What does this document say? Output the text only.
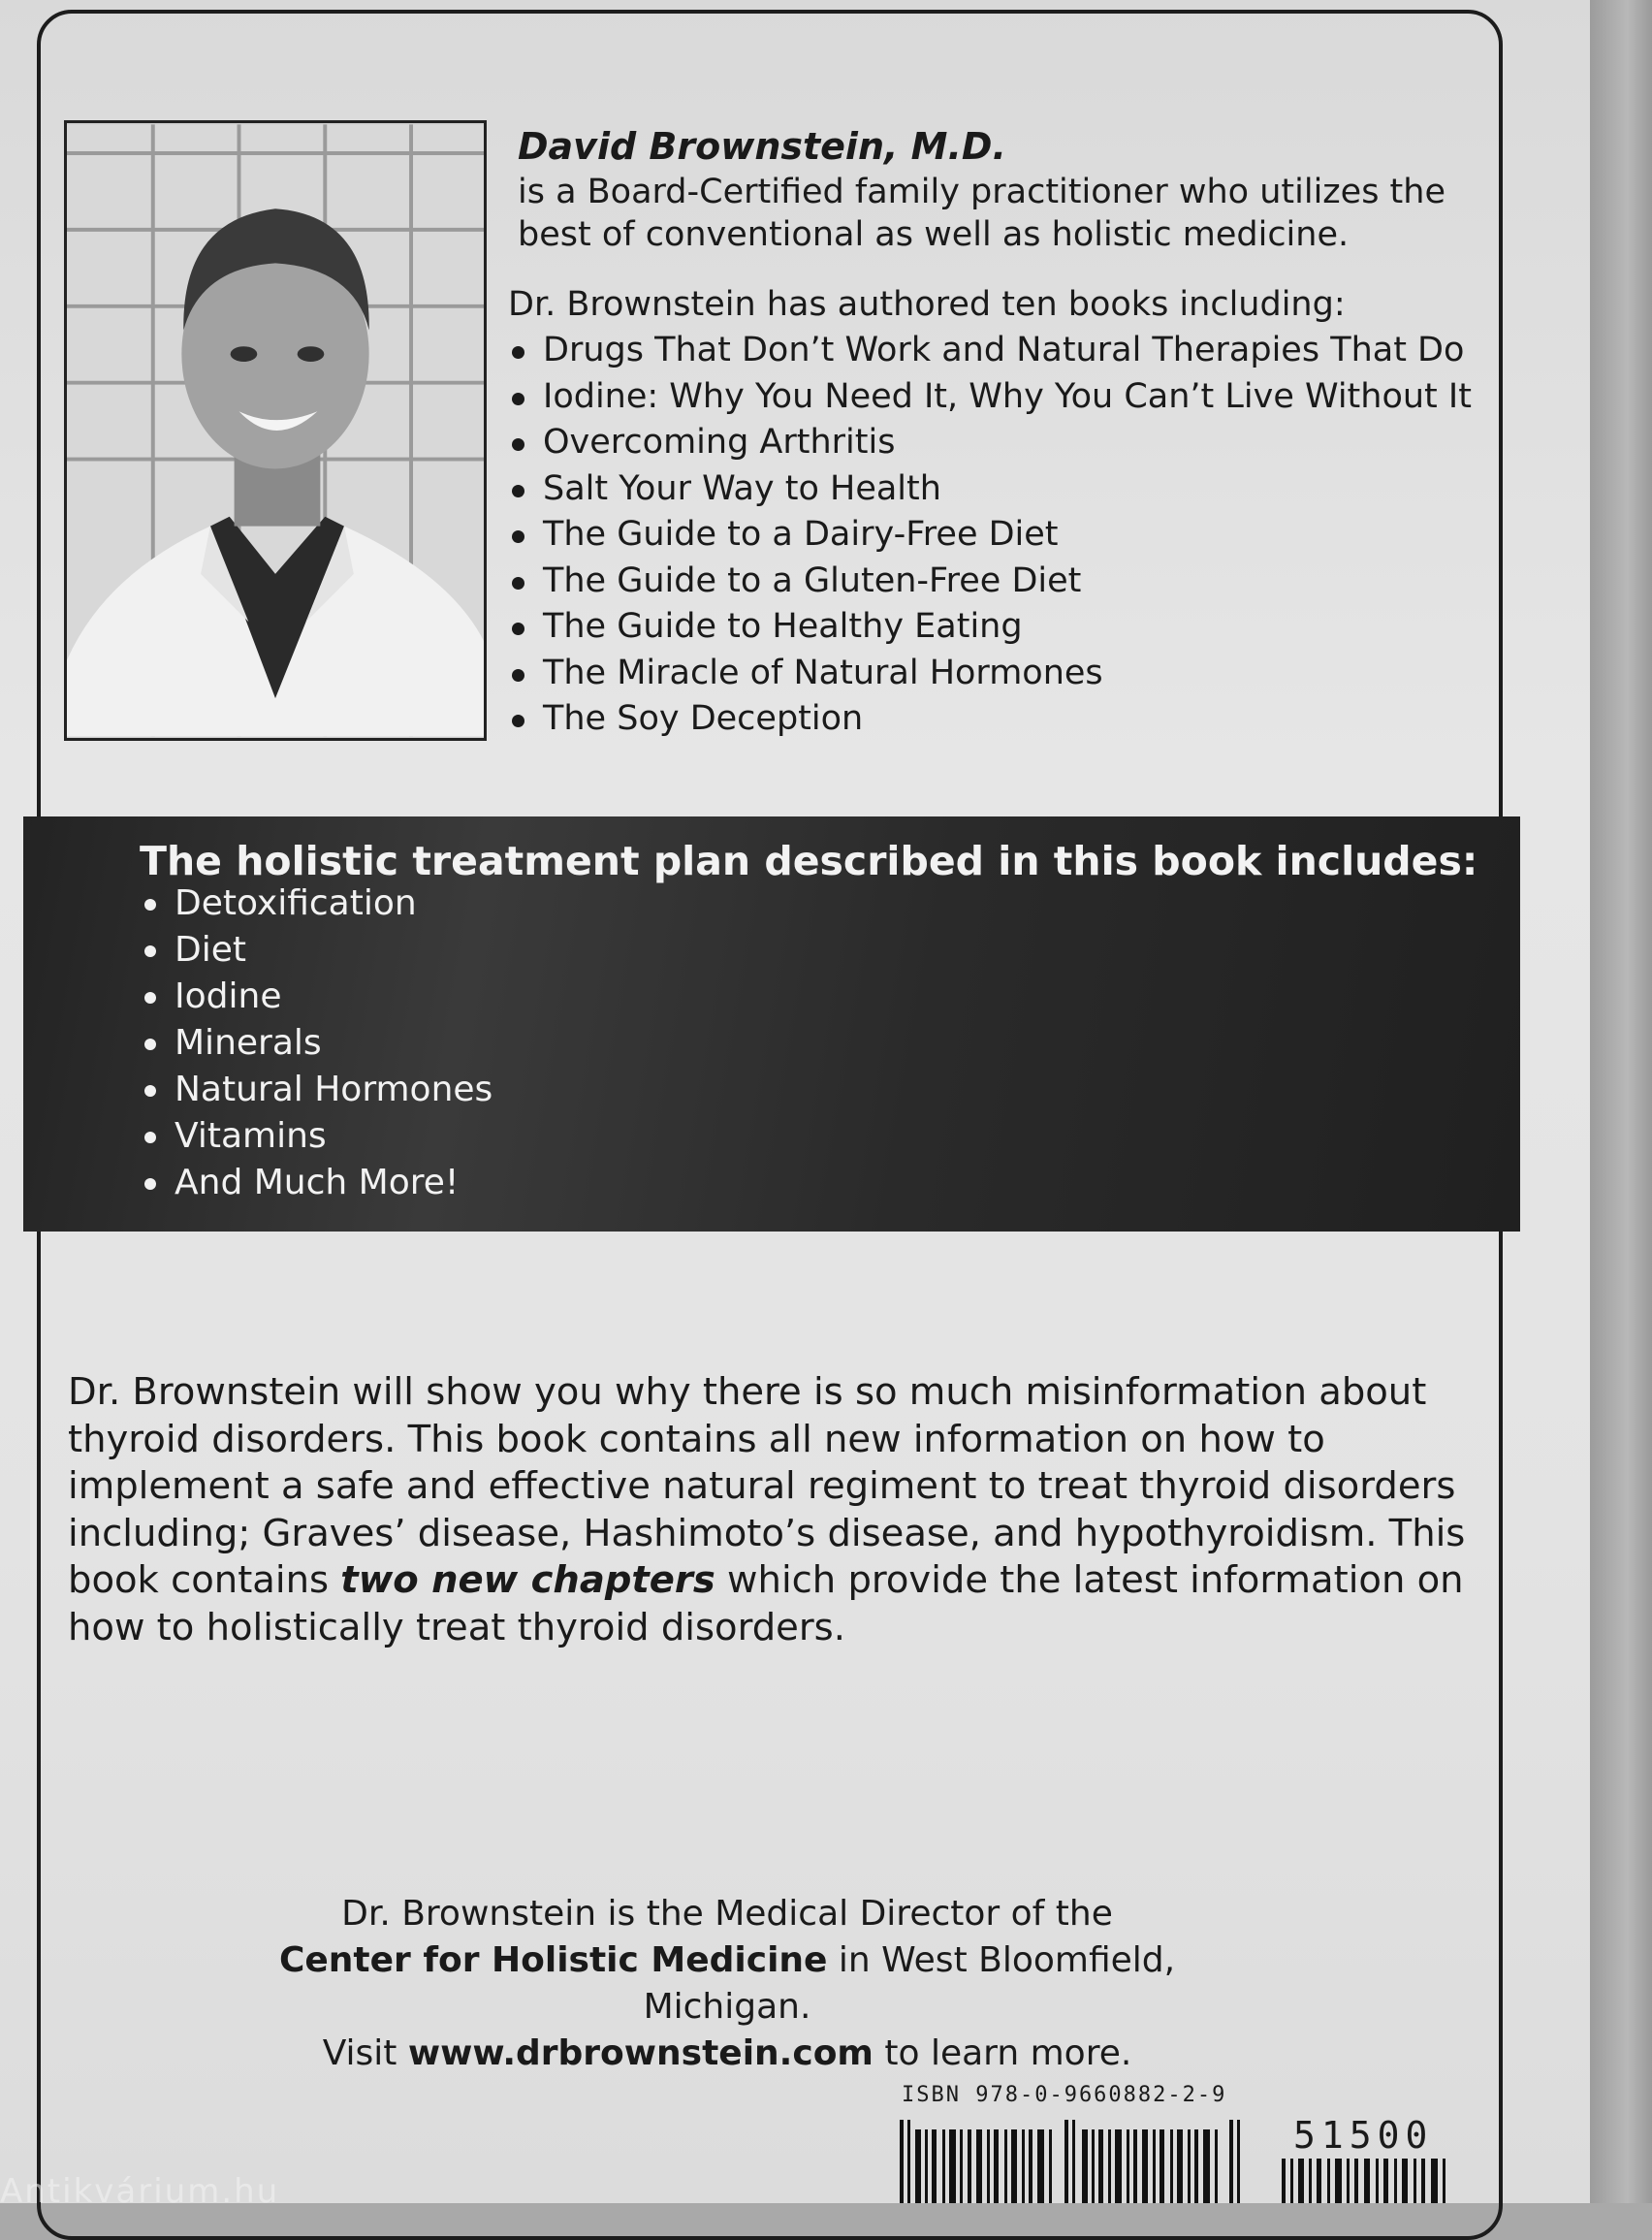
David Brownstein, M.D.
is a Board-Certified family practitioner who utilizes the best of conventional as well as holistic medicine.
Dr. Brownstein has authored ten books including:
Drugs That Don’t Work and Natural Therapies That Do
Iodine: Why You Need It, Why You Can’t Live Without It
Overcoming Arthritis
Salt Your Way to Health
The Guide to a Dairy-Free Diet
The Guide to a Gluten-Free Diet
The Guide to Healthy Eating
The Miracle of Natural Hormones
The Soy Deception
The holistic treatment plan described in this book includes:
Detoxification
Diet
Iodine
Minerals
Natural Hormones
Vitamins
And Much More!
Dr. Brownstein will show you why there is so much misinformation about thyroid disorders. This book contains all new information on how to implement a safe and effective natural regiment to treat thyroid disorders including; Graves’ disease, Hashimoto’s disease, and hypothyroidism. This book contains two new chapters which provide the latest information on how to holistically treat thyroid disorders.
Dr. Brownstein is the Medical Director of the
Center for Holistic Medicine in West Bloomfield, Michigan.
Visit www.drbrownstein.com to learn more.
ISBN 978-0-9660882-2-9
51500
Antikvárium.hu
